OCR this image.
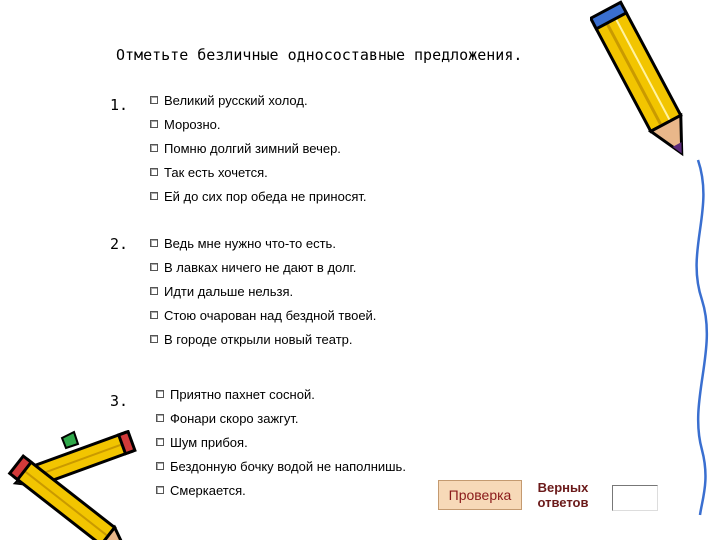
Отметьте безличные односоставные предложения.
1.	Великий русский холод.
Морозно.
Помню долгий зимний вечер.
Так есть хочется.
Ей до сих пор обеда не приносят.
2.	Ведь мне нужно что-то есть.
В лавках ничего не дают в долг.
Идти дальше нельзя.
Стою очарован над бездной твоей.
В городе открыли новый театр.
3.	Приятно пахнет сосной.
Фонари скоро зажгут.
Шум прибоя.
Бездонную бочку водой не наполнишь.
Смеркается.	Проверка	Верных
ответов
